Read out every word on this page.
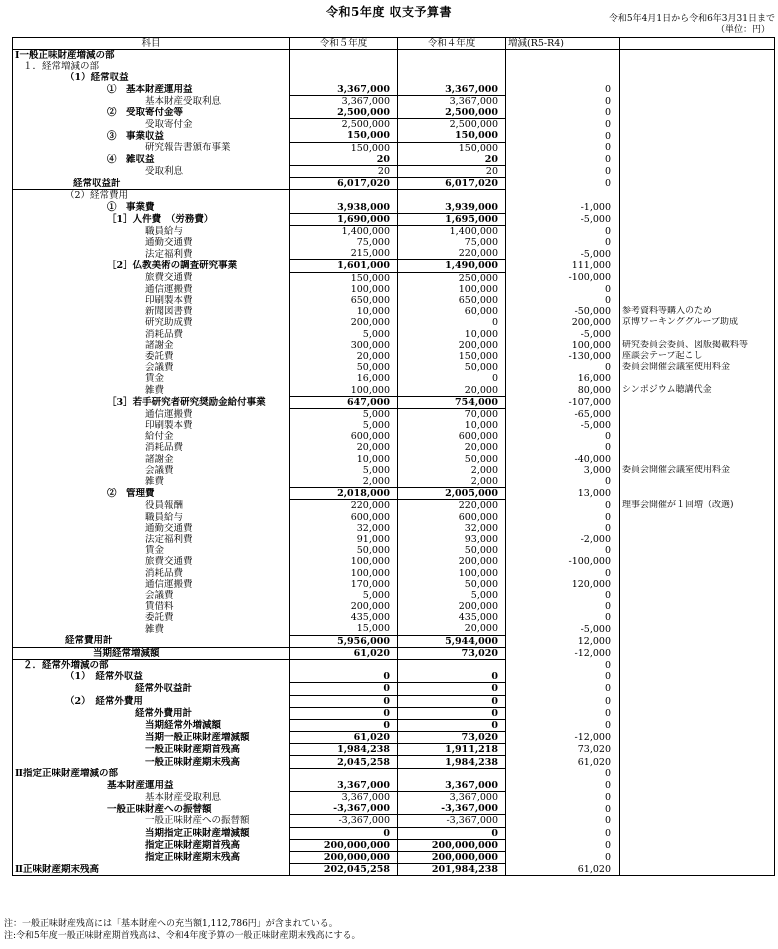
令和5年度 収支予算書	令和5年4月1日から令和6年3月31日まで
（単位：円）
科目	令和５年度	令和４年度	増減(R5-R4)	
Ⅰ一般正味財産増減の部				
１．経常増減の部				
（1）経常収益				
①　基本財産運用益	3,367,000	3,367,000	0	
基本財産受取利息	3,367,000	3,367,000	0	
②　受取寄付金等	2,500,000	2,500,000	0	
受取寄付金	2,500,000	2,500,000	0	
③　事業収益	150,000	150,000	0	
研究報告書頒布事業	150,000	150,000	0	
④　雑収益	20	20	0	
受取利息	20	20	0	
経常収益計	6,017,020	6,017,020	0	
（2）経常費用				
①　事業費	3,938,000	3,939,000	-1,000	
［1］人件費　（労務費）	1,690,000	1,695,000	-5,000	
職員給与	1,400,000	1,400,000	0	
通勤交通費	75,000	75,000	0	
法定福利費	215,000	220,000	-5,000	
［2］仏教美術の調査研究事業	1,601,000	1,490,000	111,000	
旅費交通費	150,000	250,000	-100,000	
通信運搬費	100,000	100,000	0	
印刷製本費	650,000	650,000	0	
新聞図書費	10,000	60,000	-50,000	参考資料等購入のため
研究助成費	200,000	0	200,000	京博ワーキンググループ助成
消耗品費	5,000	10,000	-5,000	
諸謝金	300,000	200,000	100,000	研究委員会委員、図版掲載料等
委託費	20,000	150,000	-130,000	座談会テープ起こし
会議費	50,000	50,000	0	委員会開催会議室使用料金
賃金	16,000	0	16,000	
雑費	100,000	20,000	80,000	シンポジウム聴講代金
［3］若手研究者研究奨励金給付事業	647,000	754,000	-107,000	
通信運搬費	5,000	70,000	-65,000	
印刷製本費	5,000	10,000	-5,000	
給付金	600,000	600,000	0	
消耗品費	20,000	20,000	0	
諸謝金	10,000	50,000	-40,000	
会議費	5,000	2,000	3,000	委員会開催会議室使用料金
雑費	2,000	2,000	0	
②　管理費	2,018,000	2,005,000	13,000	
役員報酬	220,000	220,000	0	理事会開催が１回増（改選)
職員給与	600,000	600,000	0	
通勤交通費	32,000	32,000	0	
法定福利費	91,000	93,000	-2,000	
賃金	50,000	50,000	0	
旅費交通費	100,000	200,000	-100,000	
消耗品費	100,000	100,000	0	
通信運搬費	170,000	50,000	120,000	
会議費	5,000	5,000	0	
賃借料	200,000	200,000	0	
委託費	435,000	435,000	0	
雑費	15,000	20,000	-5,000	
経常費用計	5,956,000	5,944,000	12,000	
当期経常増減額	61,020	73,020	-12,000	
２．経常外増減の部			0	
（1）　経常外収益	0	0	0	
経常外収益計	0	0	0	
（2）　経常外費用	0	0	0	
経常外費用計	0	0	0	
当期経常外増減額	0	0	0	
当期一般正味財産増減額	61,020	73,020	-12,000	
一般正味財産期首残高	1,984,238	1,911,218	73,020	
一般正味財産期末残高	2,045,258	1,984,238	61,020	
Ⅱ指定正味財産増減の部			0	
基本財産運用益	3,367,000	3,367,000	0	
基本財産受取利息	3,367,000	3,367,000	0	
一般正味財産への振替額	-3,367,000	-3,367,000	0	
一般正味財産への振替額	-3,367,000	-3,367,000	0	
当期指定正味財産増減額	0	0	0	
指定正味財産期首残高	200,000,000	200,000,000	0	
指定正味財産期末残高	200,000,000	200,000,000	0	
Ⅱ正味財産期末残高	202,045,258	201,984,238	61,020	
注：一般正味財産残高には「基本財産への充当額1,112,786円」が含まれている。
注:令和5年度一般正味財産期首残高は、令和4年度予算の一般正味財産期末残高にする。
